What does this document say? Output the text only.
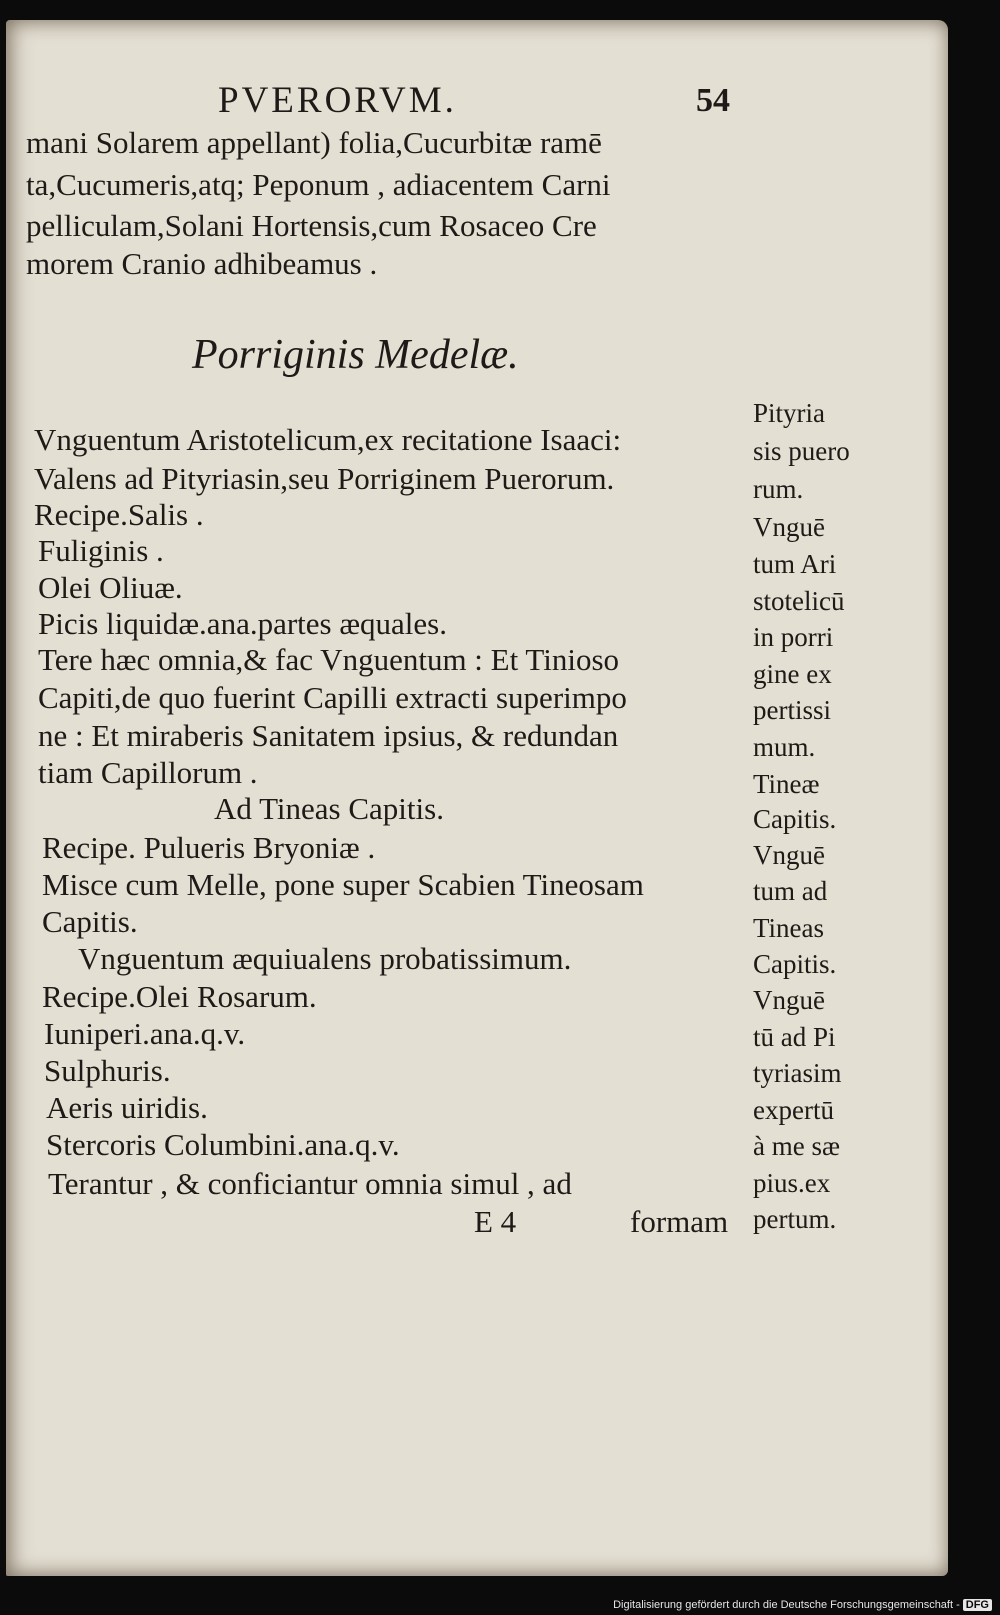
PVERORVM.	54
mani Solarem appellant) folia,Cucurbitæ ramē
ta,Cucumeris,atq; Peponum , adiacentem Carni
pelliculam,Solani Hortensis,cum Rosaceo Cre
morem Cranio adhibeamus .
Porriginis Medelæ.
Vnguentum Aristotelicum,ex recitatione Isaaci:
Valens ad Pityriasin,seu Porriginem Puerorum.
Recipe.Salis .
Fuliginis .
Olei Oliuæ.
Picis liquidæ.ana.partes æquales.
Tere hæc omnia,& fac Vnguentum : Et Tinioso
Capiti,de quo fuerint Capilli extracti superimpo
ne : Et miraberis Sanitatem ipsius, & redundan
tiam Capillorum .
Ad Tineas Capitis.
Recipe. Pulueris Bryoniæ .
Misce cum Melle, pone super Scabien Tineosam
Capitis.
Vnguentum æquiualens probatissimum.
Recipe.Olei Rosarum.
Iuniperi.ana.q.v.
Sulphuris.
Aeris uiridis.
Stercoris Columbini.ana.q.v.
Terantur , & conficiantur omnia simul , ad
E 4	formam
Pityria
sis puero
rum.
Vnguē
tum Ari
stotelicū
in porri
gine ex
pertissi
mum.
Tineæ
Capitis.
Vnguē
tum ad
Tineas
Capitis.
Vnguē
tū ad Pi
tyriasim
expertū
à me sæ
pius.ex
pertum.
Digitalisierung gefördert durch die Deutsche Forschungsgemeinschaft - DFG
